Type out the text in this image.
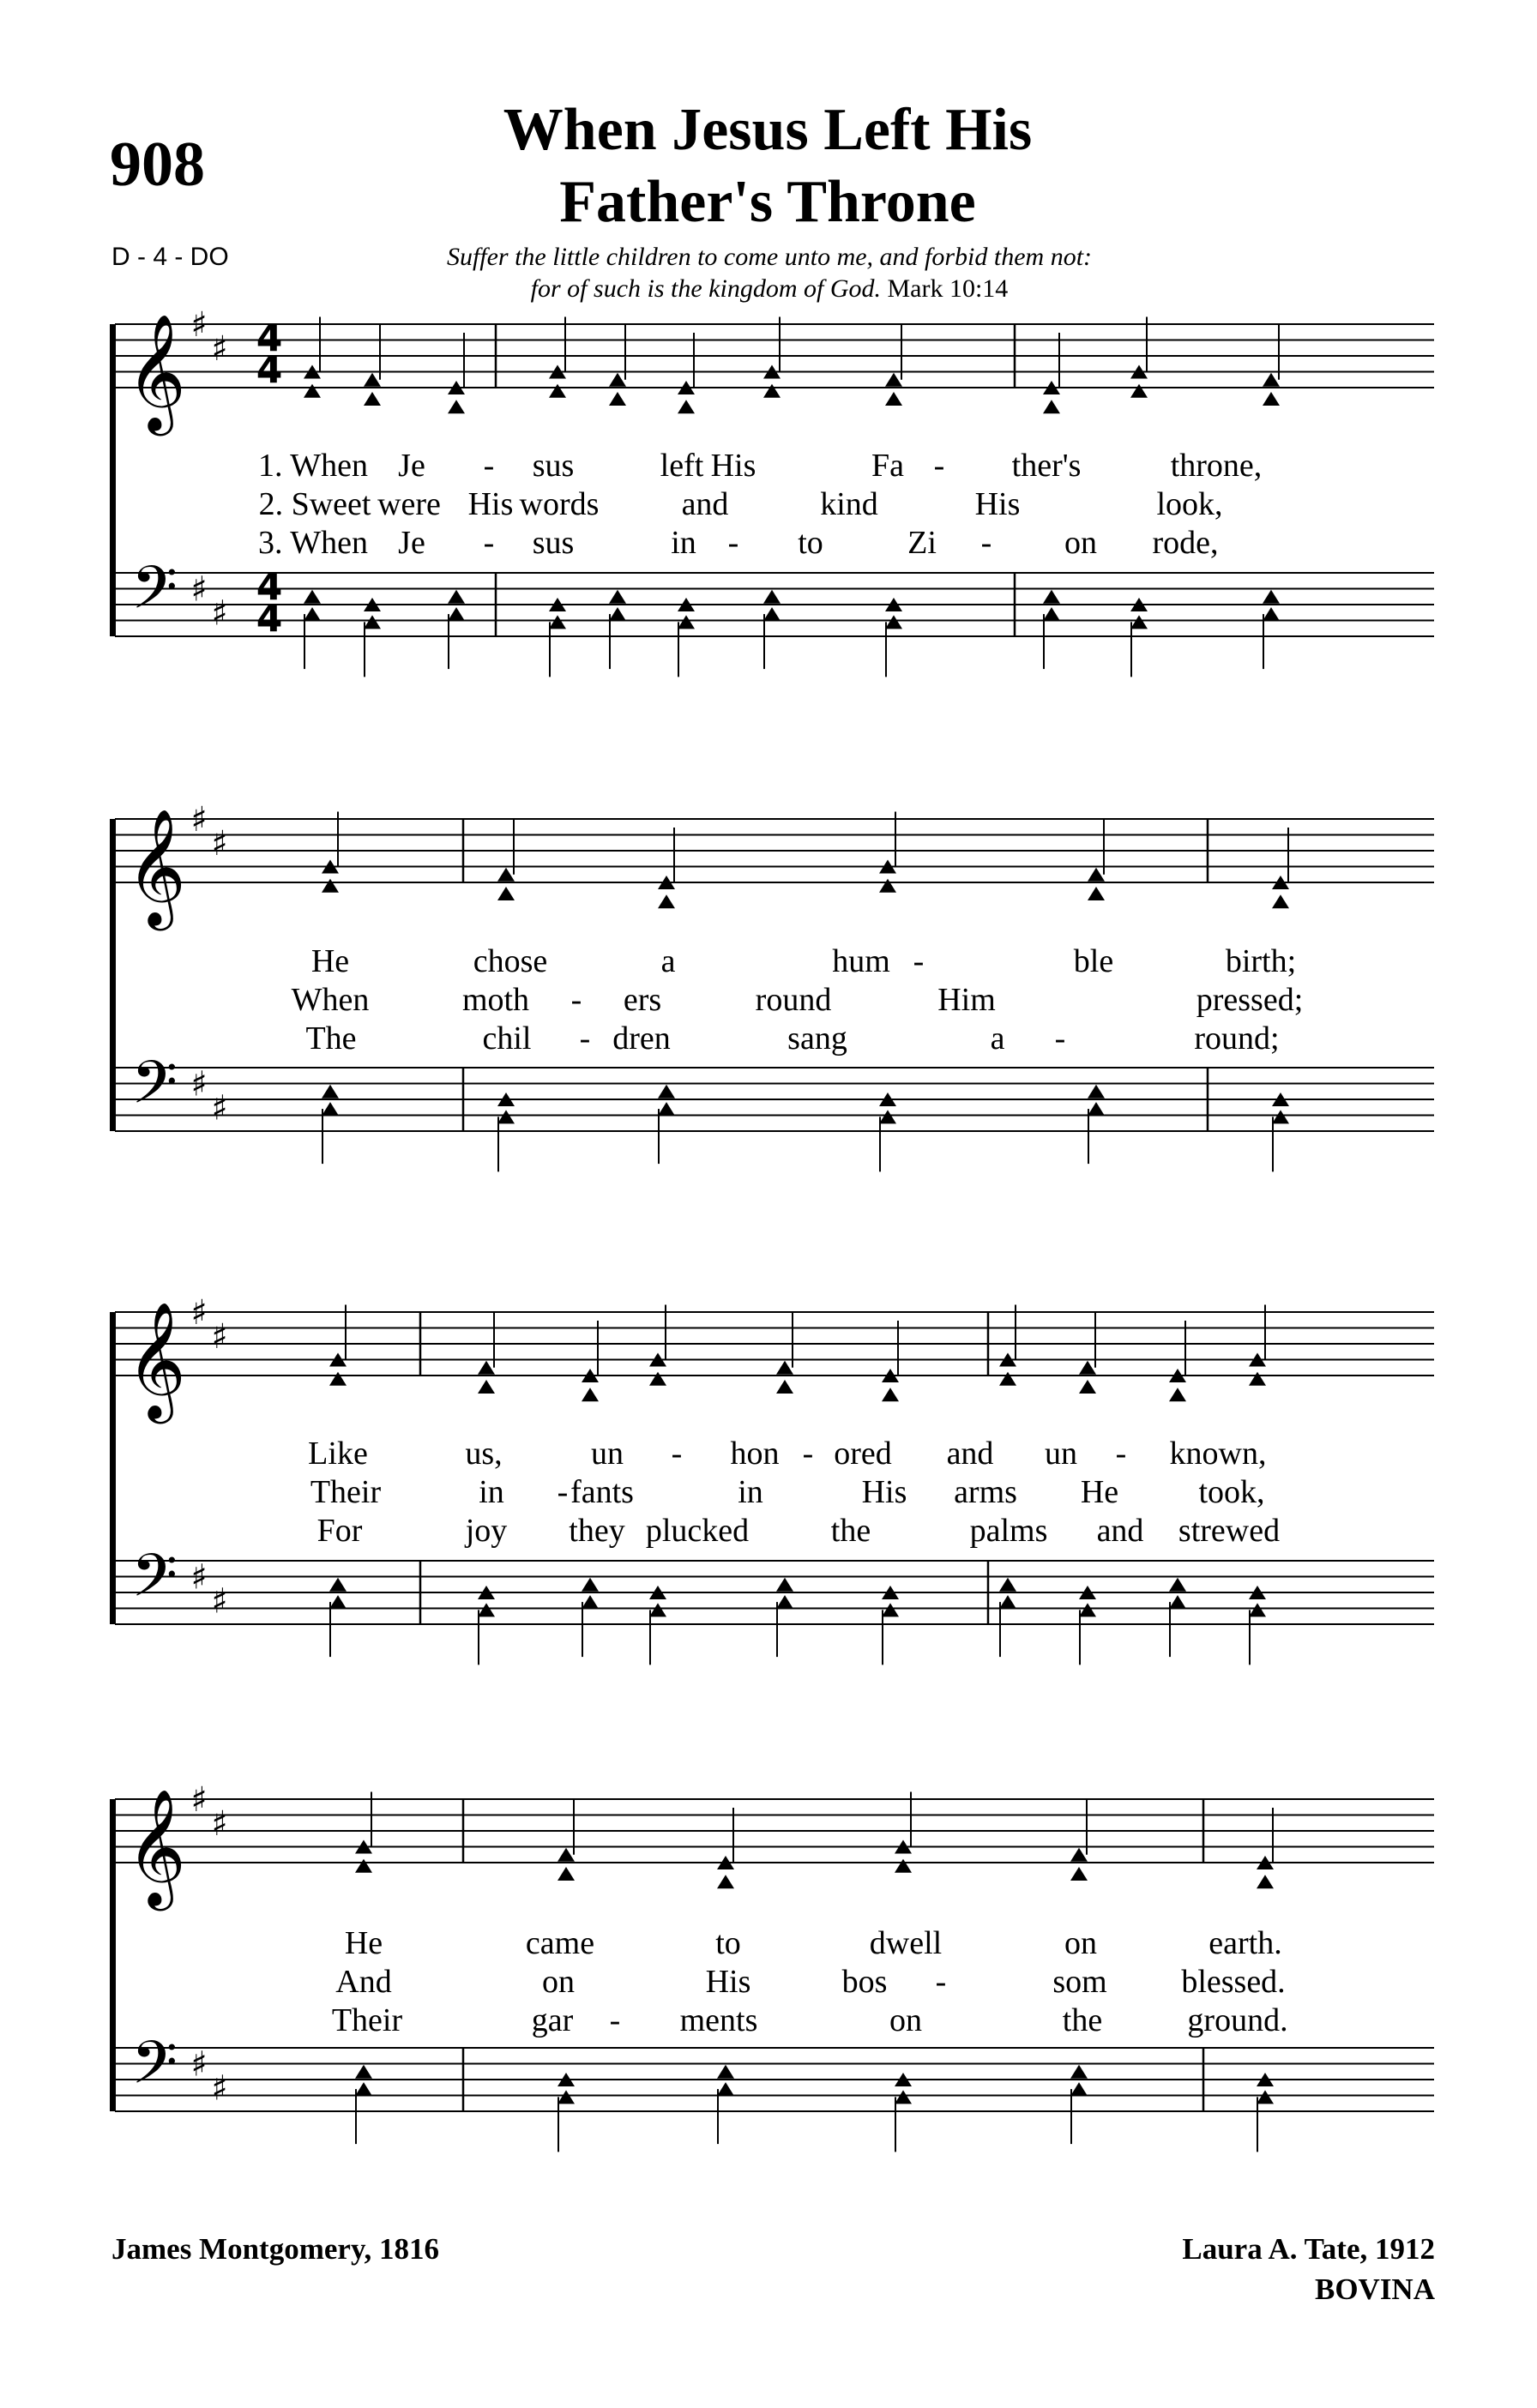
908	When Jesus Left His
Father's Throne
D - 4 - DO	Suffer the little children to come unto me, and forbid them not:
for of such is the kingdom of God. Mark 10:14
𝄞
𝄢
♯
♯
♯
♯
4
4
4
4
1. When Je - sus	left His	Fa - ther's	throne,
2. Sweet were His words	and	kind	His	look,
3. When Je - sus	in - to	Zi - on rode,
𝄞
𝄢
♯
♯
♯
♯
He	chose	a	hum -	ble	birth;
When	moth - ers	round	Him	pressed;
The	chil - dren	sang	a -	round;
𝄞
𝄢
♯
♯
♯
♯
Like	us,	un - hon - ored and un - known,
Their	in - fants	in	His arms He took,
For	joy they plucked	the	palms and strewed
𝄞
𝄢
♯
♯
♯
♯
He	came	to	dwell	on	earth.
And	on	His	bos -	som blessed.
Their	gar - ments	on	the	ground.
James Montgomery, 1816	Laura A. Tate, 1912
BOVINA
